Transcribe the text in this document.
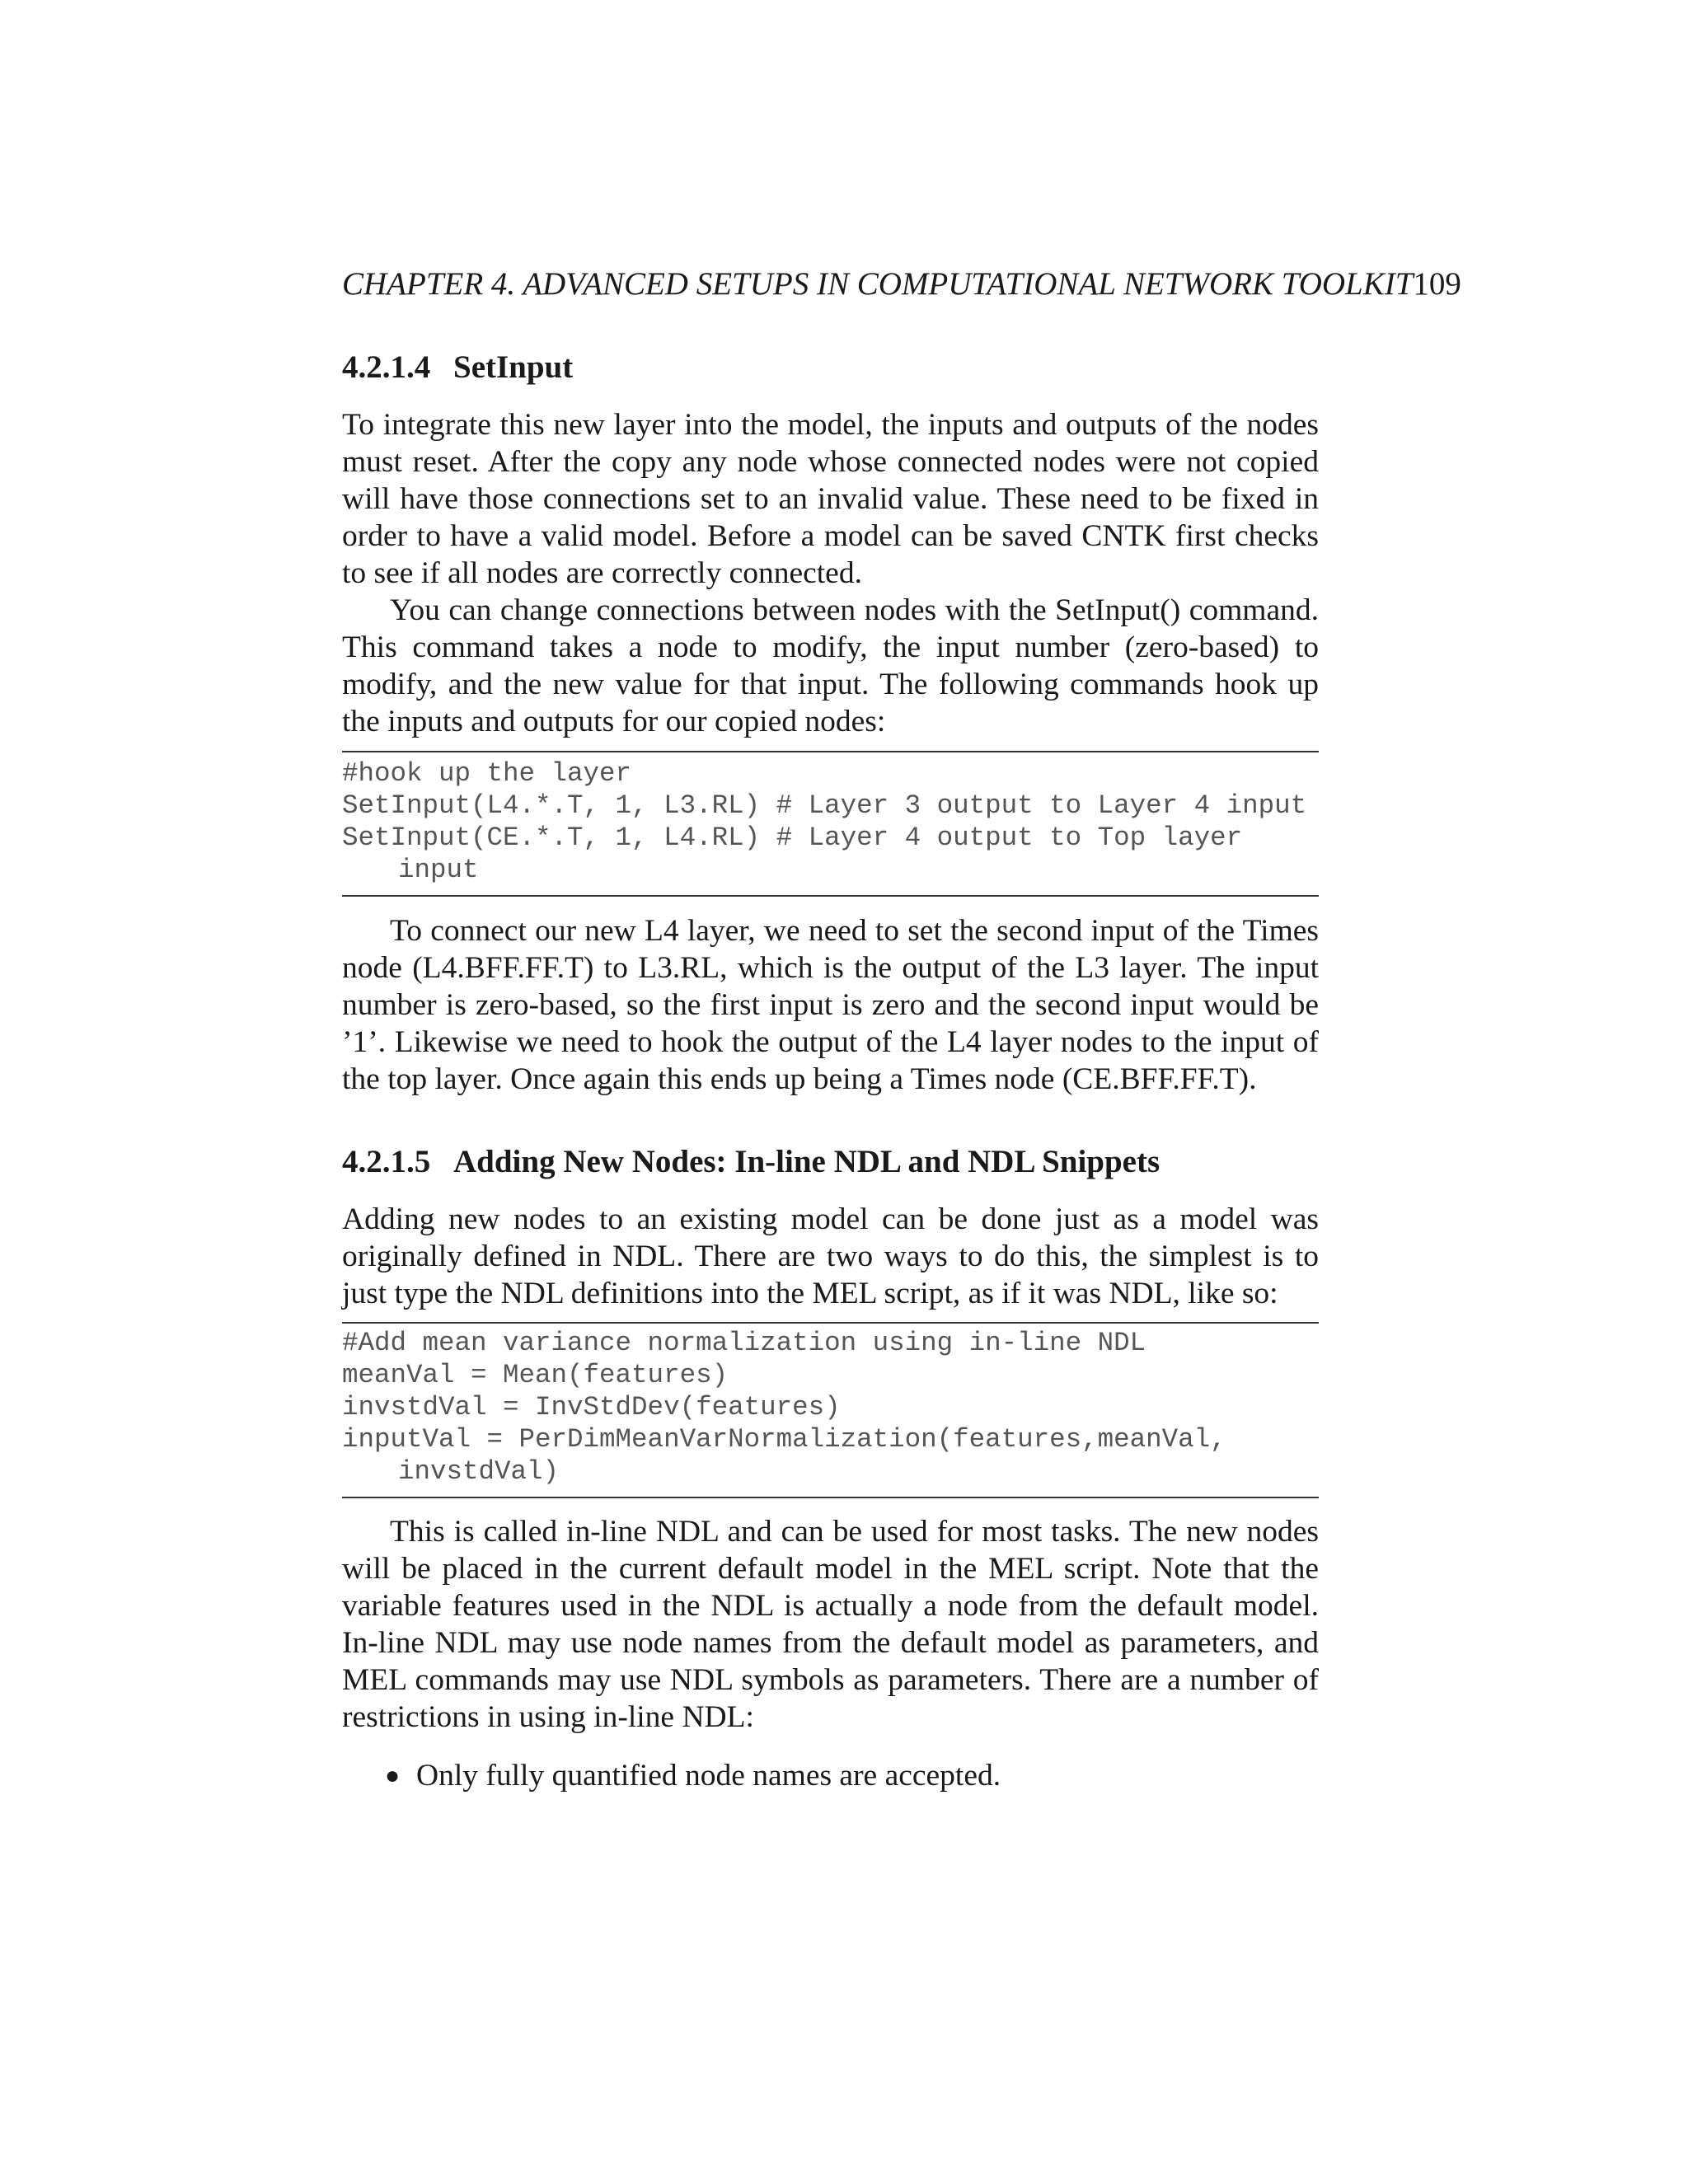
CHAPTER 4. ADVANCED SETUPS IN COMPUTATIONAL NETWORK TOOLKIT109
4.2.1.4 SetInput

To integrate this new layer into the model, the inputs and outputs of the nodes must reset. After the copy any node whose connected nodes were not copied will have those connections set to an invalid value. These need to be fixed in order to have a valid model. Before a model can be saved CNTK first checks to see if all nodes are correctly connected.

You can change connections between nodes with the SetInput() command. This command takes a node to modify, the input number (zero-based) to modify, and the new value for that input. The following commands hook up the inputs and outputs for our copied nodes:

#hook up the layer
SetInput(L4.*.T, 1, L3.RL) # Layer 3 output to Layer 4 input
SetInput(CE.*.T, 1, L4.RL) # Layer 4 output to Top layer
input

To connect our new L4 layer, we need to set the second input of the Times node (L4.BFF.FF.T) to L3.RL, which is the output of the L3 layer. The input number is zero-based, so the first input is zero and the second input would be ’1’. Likewise we need to hook the output of the L4 layer nodes to the input of the top layer. Once again this ends up being a Times node (CE.BFF.FF.T).

4.2.1.5 Adding New Nodes: In-line NDL and NDL Snippets

Adding new nodes to an existing model can be done just as a model was originally defined in NDL. There are two ways to do this, the simplest is to just type the NDL definitions into the MEL script, as if it was NDL, like so:

#Add mean variance normalization using in-line NDL
meanVal = Mean(features)
invstdVal = InvStdDev(features)
inputVal = PerDimMeanVarNormalization(features,meanVal,
invstdVal)

This is called in-line NDL and can be used for most tasks. The new nodes will be placed in the current default model in the MEL script. Note that the variable features used in the NDL is actually a node from the default model. In-line NDL may use node names from the default model as parameters, and MEL commands may use NDL symbols as parameters. There are a number of restrictions in using in-line NDL:

● Only fully quantified node names are accepted.
